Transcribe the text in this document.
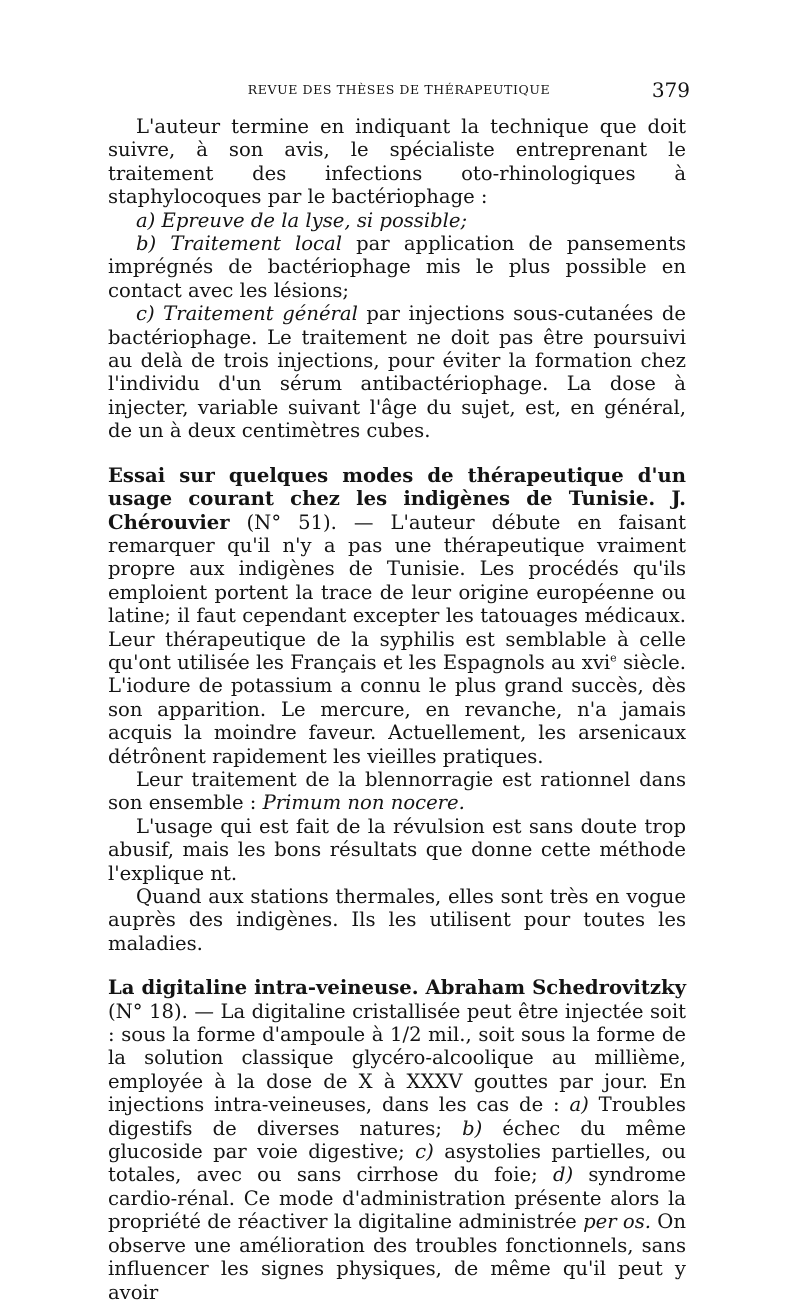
REVUE DES THÈSES DE THÉRAPEUTIQUE	379

L'auteur termine en indiquant la technique que doit suivre, à son avis, le spécialiste entreprenant le traitement des infections oto-rhinologiques à staphylocoques par le bactériophage :

a) Epreuve de la lyse, si possible;

b) Traitement local par application de pansements imprégnés de bactériophage mis le plus possible en contact avec les lésions;

c) Traitement général par injections sous-cutanées de bactériophage. Le traitement ne doit pas être poursuivi au delà de trois injections, pour éviter la formation chez l'individu d'un sérum antibactériophage. La dose à injecter, variable suivant l'âge du sujet, est, en général, de un à deux centimètres cubes.

Essai sur quelques modes de thérapeutique d'un usage courant chez les indigènes de Tunisie. J. Chérouvier (N° 51). — L'auteur débute en faisant remarquer qu'il n'y a pas une thérapeutique vraiment propre aux indigènes de Tunisie. Les procédés qu'ils emploient portent la trace de leur origine européenne ou latine; il faut cependant excepter les tatouages médicaux. Leur thérapeutique de la syphilis est semblable à celle qu'ont utilisée les Français et les Espagnols au xvi$^e$ siècle. L'iodure de potassium a connu le plus grand succès, dès son apparition. Le mercure, en revanche, n'a jamais acquis la moindre faveur. Actuellement, les arsenicaux détrônent rapidement les vieilles pratiques.

Leur traitement de la blennorragie est rationnel dans son ensemble : Primum non nocere.

L'usage qui est fait de la révulsion est sans doute trop abusif, mais les bons résultats que donne cette méthode l'explique nt.

Quand aux stations thermales, elles sont très en vogue auprès des indigènes. Ils les utilisent pour toutes les maladies.

La digitaline intra-veineuse. Abraham Schedrovitzky (N° 18). — La digitaline cristallisée peut être injectée soit : sous la forme d'ampoule à 1/2 mil., soit sous la forme de la solution classique glycéro-alcoolique au millième, employée à la dose de X à XXXV gouttes par jour. En injections intra-veineuses, dans les cas de : a) Troubles digestifs de diverses natures; b) échec du même glucoside par voie digestive; c) asystolies partielles, ou totales, avec ou sans cirrhose du foie; d) syndrome cardio-rénal. Ce mode d'administration présente alors la propriété de réactiver la digitaline administrée per os. On observe une amélioration des troubles fonctionnels, sans influencer les signes physiques, de même qu'il peut y avoir
